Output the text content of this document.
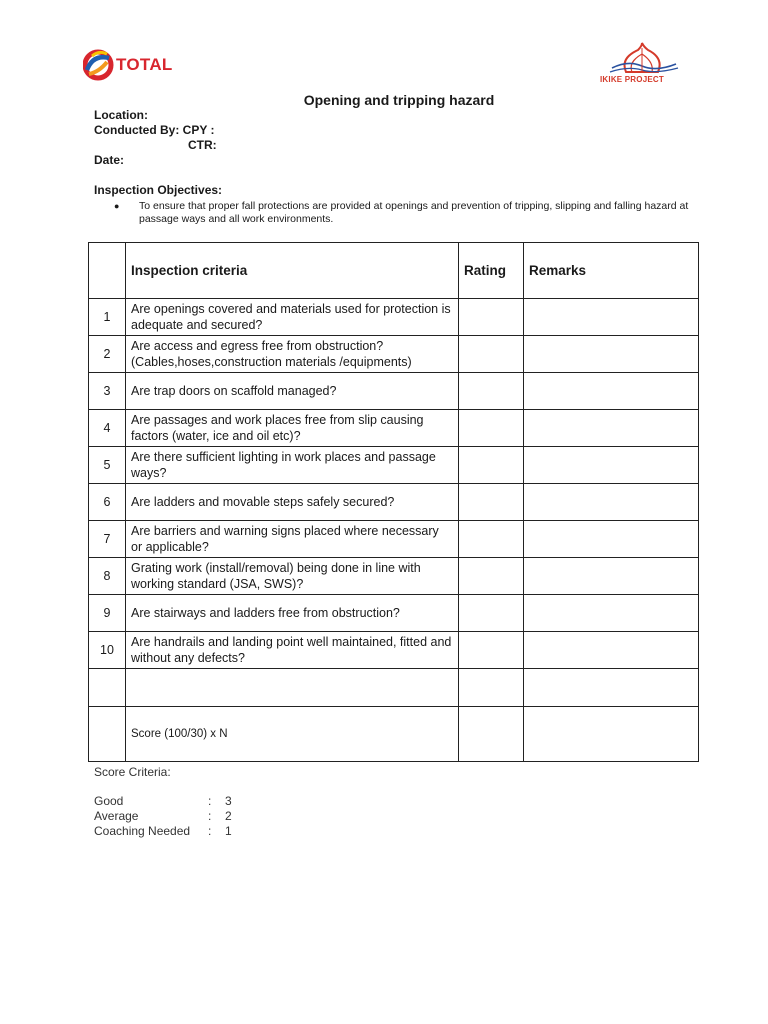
TOTAL
IKIKE PROJECT
Opening and tripping hazard
Location:
Conducted By: CPY :
CTR:
Date:
Inspection Objectives:
● To ensure that proper fall protections are provided at openings and prevention of tripping, slipping and falling hazard at passage ways and all work environments.
	Inspection criteria	Rating	Remarks
1	Are openings covered and materials used for protection is adequate and secured?		
2	Are access and egress free from obstruction? (Cables,hoses,construction materials /equipments)		
3	Are trap doors on scaffold managed?		
4	Are passages and work places free from slip causing factors (water, ice and oil etc)?		
5	Are there sufficient lighting in work places and passage ways?		
6	Are ladders and movable steps safely secured?		
7	Are barriers and warning signs placed where necessary or applicable?		
8	Grating work (install/removal) being done in line with working standard (JSA, SWS)?		
9	Are stairways and ladders free from obstruction?		
10	Are handrails and landing point well maintained, fitted and without any defects?		

	Score (100/30) x N		
Score Criteria:
Good	: 3
Average	: 2
Coaching Needed : 1
